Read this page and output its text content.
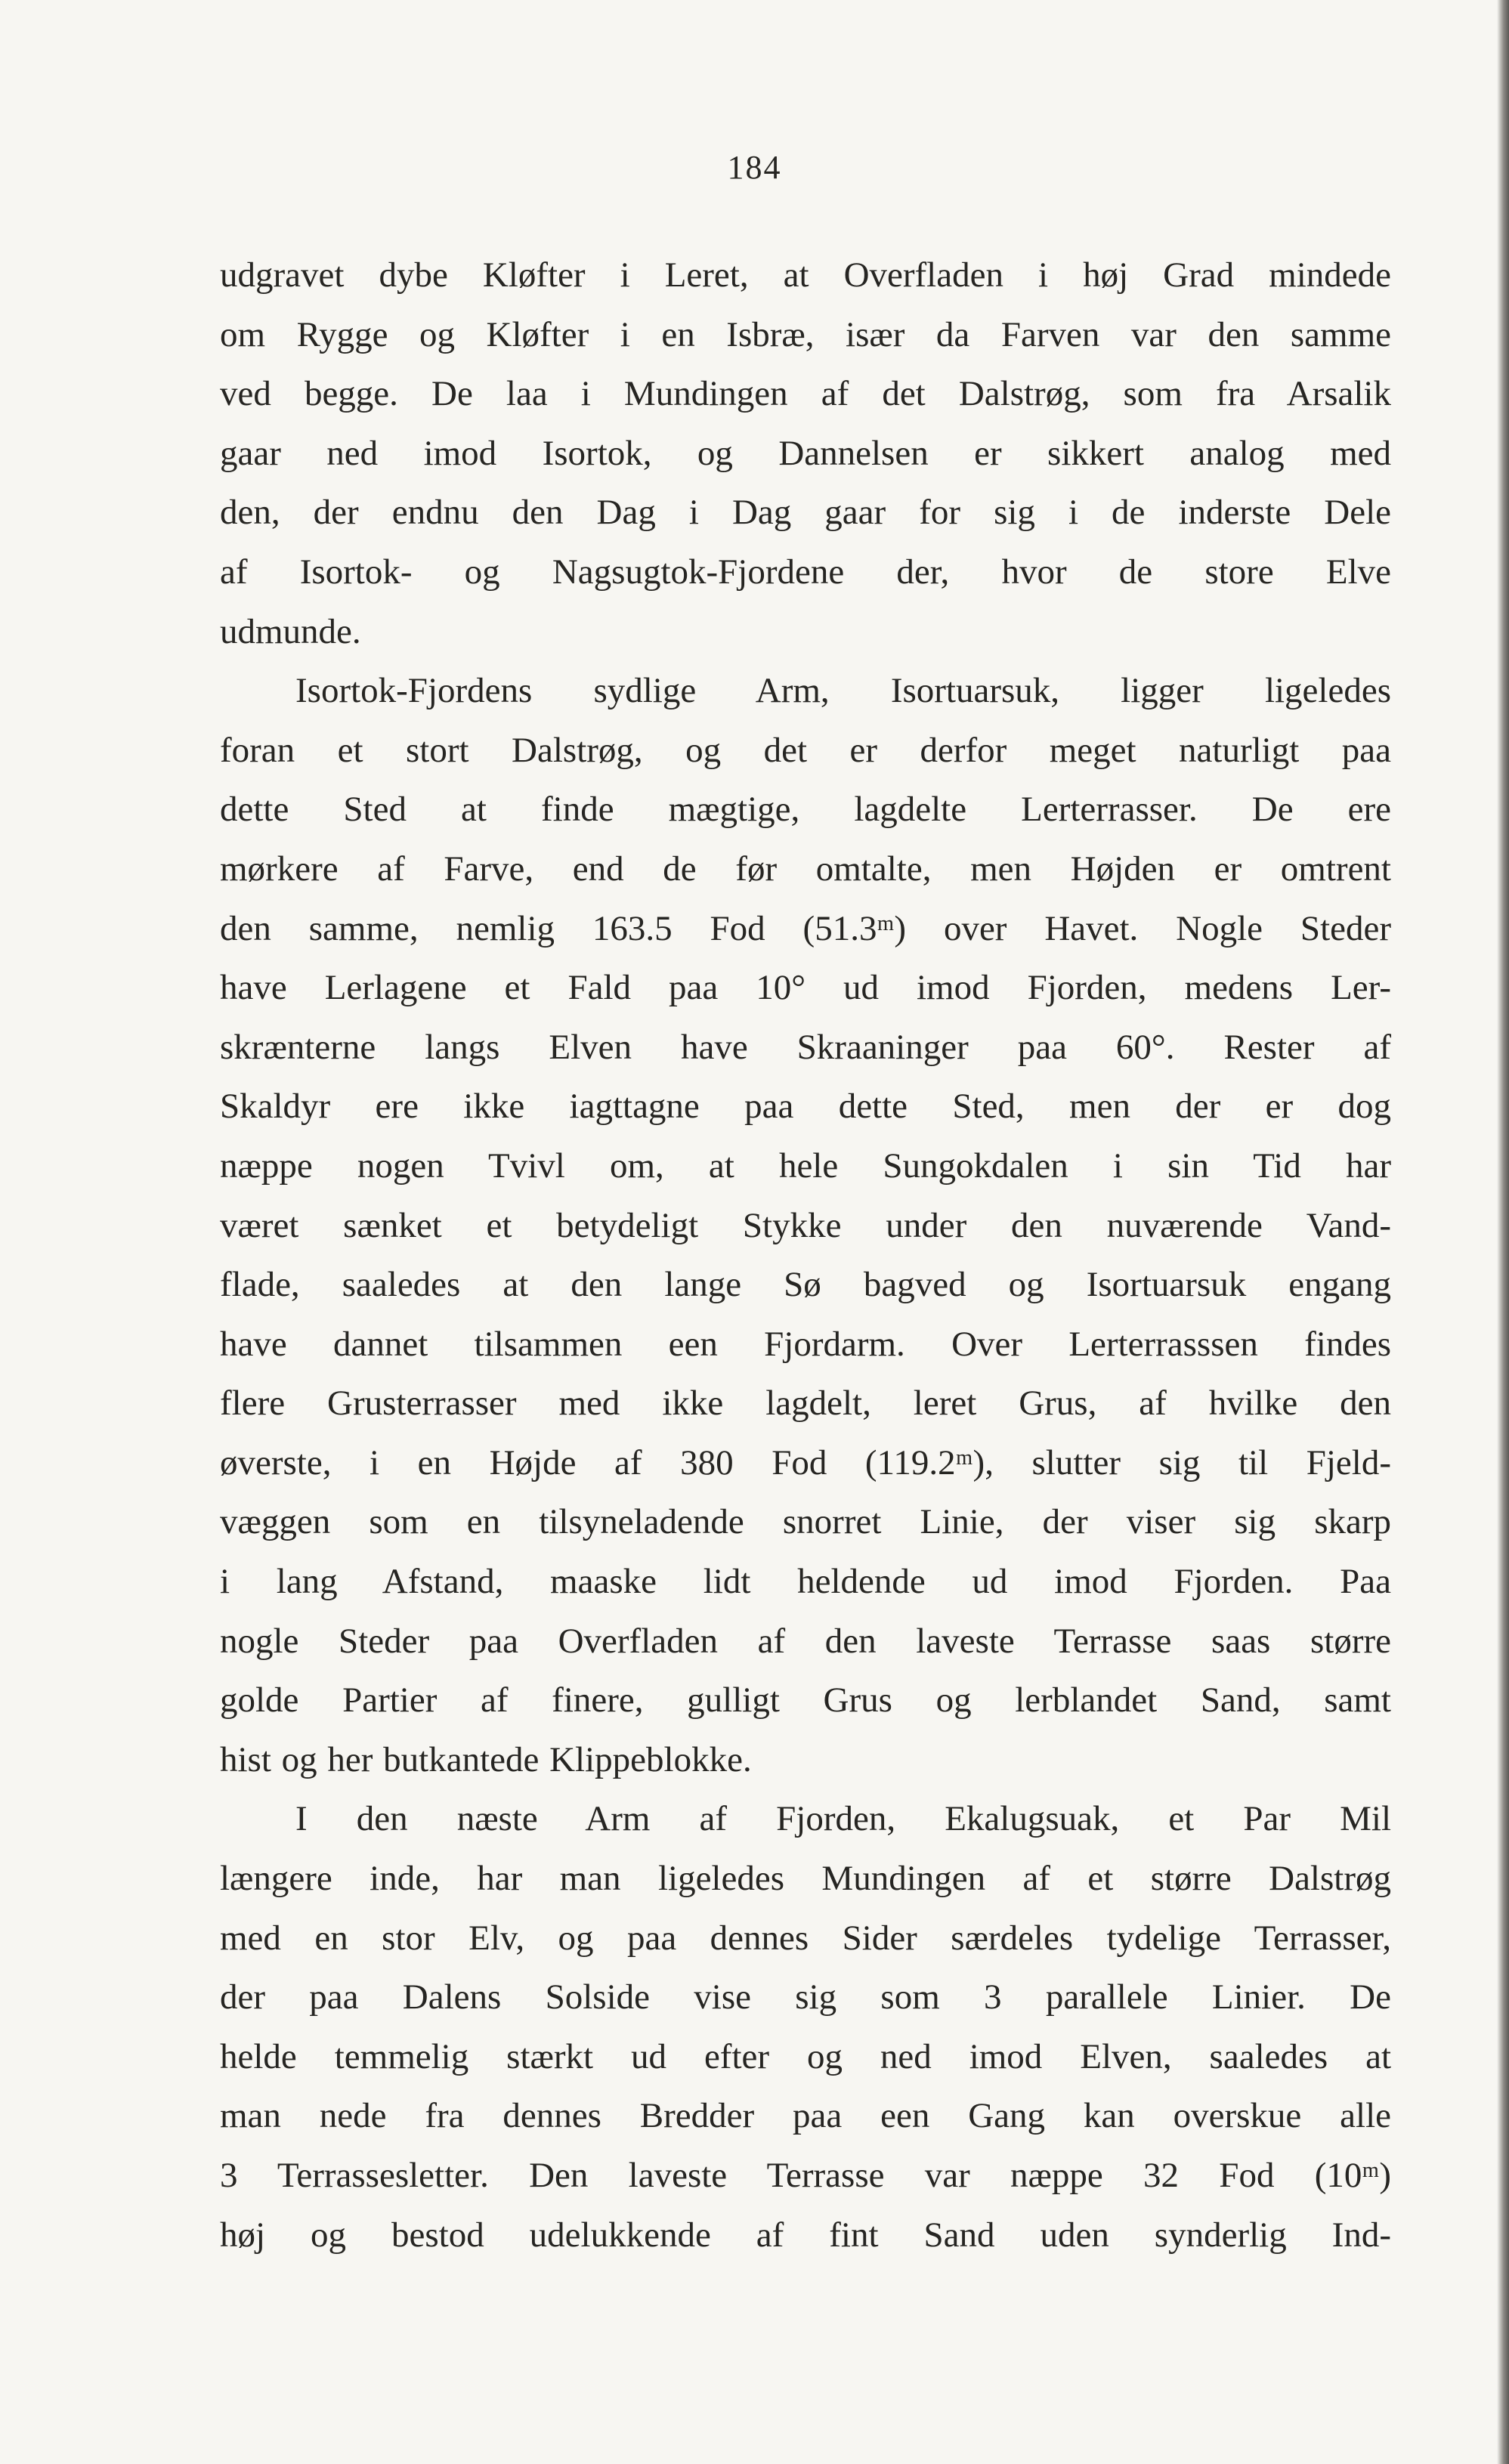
184
udgravet dybe Kløfter i Leret, at Overfladen i høj Grad mindede
om Rygge og Kløfter i en Isbræ, især da Farven var den samme
ved begge. De laa i Mundingen af det Dalstrøg, som fra Arsalik
gaar ned imod Isortok, og Dannelsen er sikkert analog med
den, der endnu den Dag i Dag gaar for sig i de inderste Dele
af Isortok- og Nagsugtok-Fjordene der, hvor de store Elve
udmunde.
Isortok-Fjordens sydlige Arm, Isortuarsuk, ligger ligeledes
foran et stort Dalstrøg, og det er derfor meget naturligt paa
dette Sted at finde mægtige, lagdelte Lerterrasser. De ere
mørkere af Farve, end de før omtalte, men Højden er omtrent
den samme, nemlig 163.5 Fod (51.3ᵐ) over Havet. Nogle Steder
have Lerlagene et Fald paa 10° ud imod Fjorden, medens Ler-
skrænterne langs Elven have Skraaninger paa 60°. Rester af
Skaldyr ere ikke iagttagne paa dette Sted, men der er dog
næppe nogen Tvivl om, at hele Sungokdalen i sin Tid har
været sænket et betydeligt Stykke under den nuværende Vand-
flade, saaledes at den lange Sø bagved og Isortuarsuk engang
have dannet tilsammen een Fjordarm. Over Lerterrasssen findes
flere Grusterrasser med ikke lagdelt, leret Grus, af hvilke den
øverste, i en Højde af 380 Fod (119.2ᵐ), slutter sig til Fjeld-
væggen som en tilsyneladende snorret Linie, der viser sig skarp
i lang Afstand, maaske lidt heldende ud imod Fjorden. Paa
nogle Steder paa Overfladen af den laveste Terrasse saas større
golde Partier af finere, gulligt Grus og lerblandet Sand, samt
hist og her butkantede Klippeblokke.
I den næste Arm af Fjorden, Ekalugsuak, et Par Mil
længere inde, har man ligeledes Mundingen af et større Dalstrøg
med en stor Elv, og paa dennes Sider særdeles tydelige Terrasser,
der paa Dalens Solside vise sig som 3 parallele Linier. De
helde temmelig stærkt ud efter og ned imod Elven, saaledes at
man nede fra dennes Bredder paa een Gang kan overskue alle
3 Terrassesletter. Den laveste Terrasse var næppe 32 Fod (10ᵐ)
høj og bestod udelukkende af fint Sand uden synderlig Ind-
